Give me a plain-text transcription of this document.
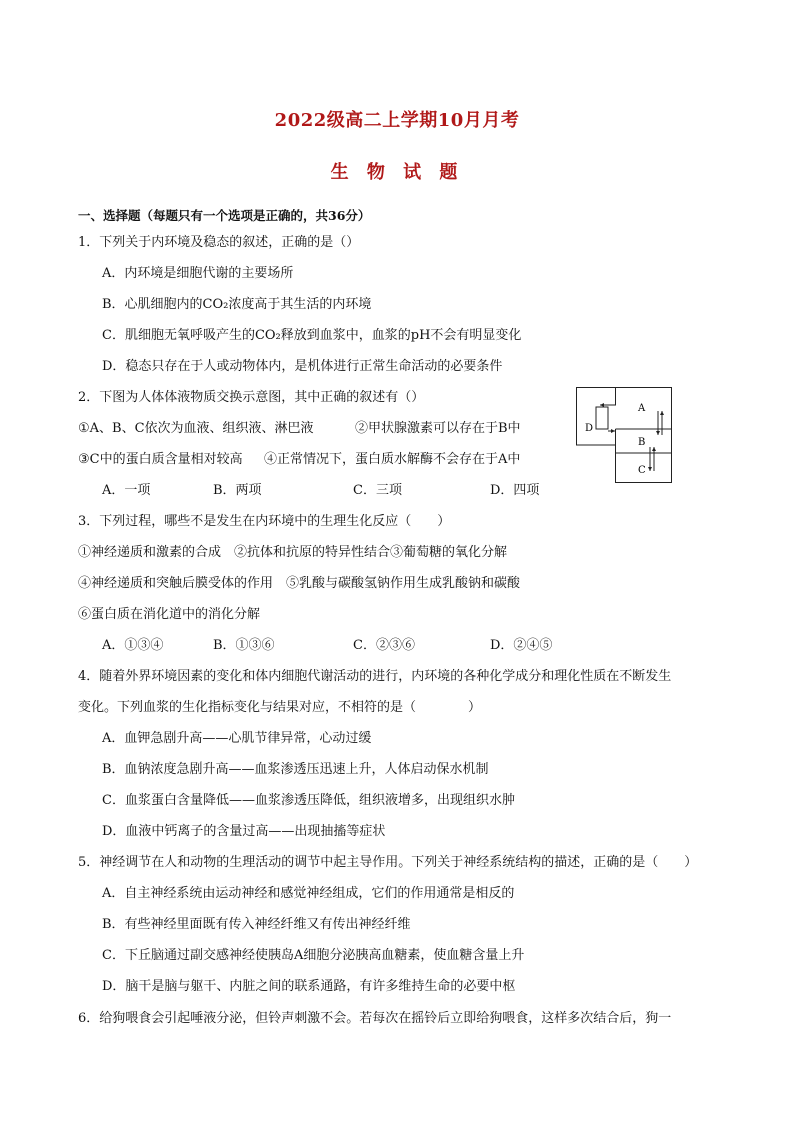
2022级高二上学期10月月考
生 物 试 题
一、选择题（每题只有一个选项是正确的，共36分）
1．下列关于内环境及稳态的叙述，正确的是（）
A．内环境是细胞代谢的主要场所
B．心肌细胞内的CO₂浓度高于其生活的内环境
C．肌细胞无氧呼吸产生的CO₂释放到血浆中，血浆的pH不会有明显变化
D．稳态只存在于人或动物体内，是机体进行正常生命活动的必要条件
2．下图为人体体液物质交换示意图，其中正确的叙述有（）
①A、B、C依次为血液、组织液、淋巴液	②甲状腺激素可以存在于B中
③C中的蛋白质含量相对较高 ④正常情况下，蛋白质水解酶不会存在于A中
A．一项	B．两项	C．三项	D．四项
A
B
C
D
3．下列过程，哪些不是发生在内环境中的生理生化反应（　　）
①神经递质和激素的合成　②抗体和抗原的特异性结合③葡萄糖的氧化分解
④神经递质和突触后膜受体的作用　⑤乳酸与碳酸氢钠作用生成乳酸钠和碳酸
⑥蛋白质在消化道中的消化分解
A．①③④	B．①③⑥	C．②③⑥	D．②④⑤
4．随着外界环境因素的变化和体内细胞代谢活动的进行，内环境的各种化学成分和理化性质在不断发生
变化。下列血浆的生化指标变化与结果对应，不相符的是（　　　　）
A．血钾急剧升高——心肌节律异常，心动过缓
B．血钠浓度急剧升高——血浆渗透压迅速上升，人体启动保水机制
C．血浆蛋白含量降低——血浆渗透压降低，组织液增多，出现组织水肿
D．血液中钙离子的含量过高——出现抽搐等症状
5．神经调节在人和动物的生理活动的调节中起主导作用。下列关于神经系统结构的描述，正确的是（　　）
A．自主神经系统由运动神经和感觉神经组成，它们的作用通常是相反的
B．有些神经里面既有传入神经纤维又有传出神经纤维
C．下丘脑通过副交感神经使胰岛A细胞分泌胰高血糖素，使血糖含量上升
D．脑干是脑与躯干、内脏之间的联系通路，有许多维持生命的必要中枢
6．给狗喂食会引起唾液分泌，但铃声刺激不会。若每次在摇铃后立即给狗喂食，这样多次结合后，狗一
